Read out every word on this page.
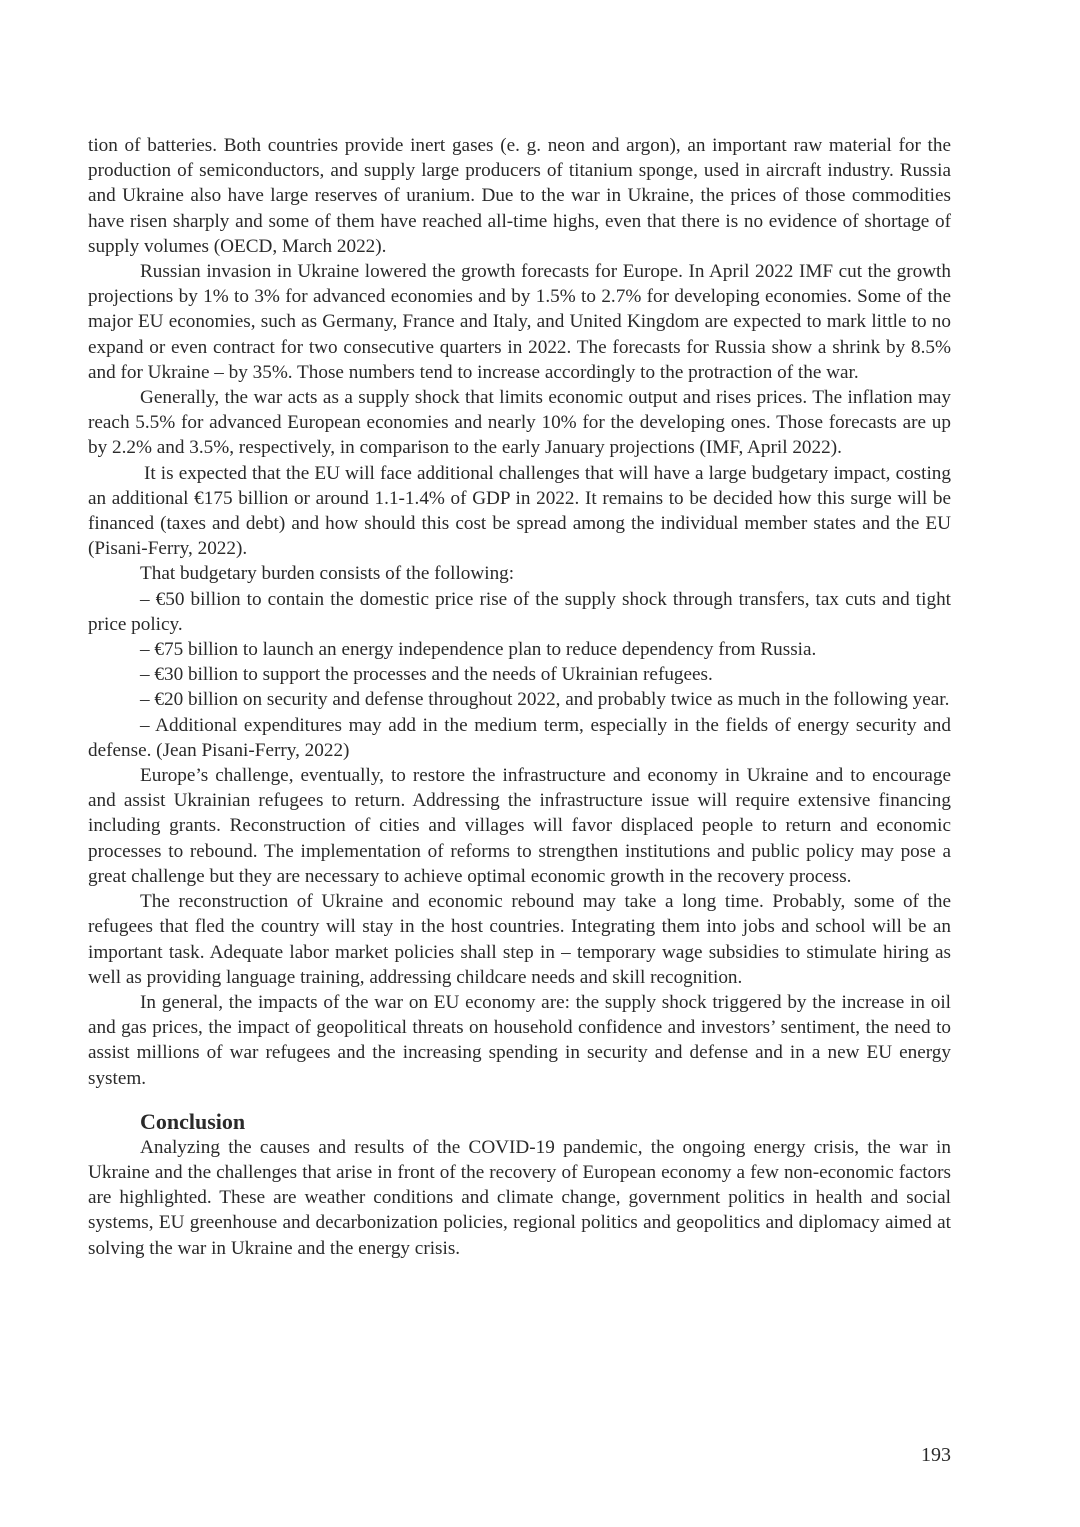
tion of batteries. Both countries provide inert gases (e. g. neon and argon), an important raw material for the production of semiconductors, and supply large producers of titanium sponge, used in aircraft industry. Russia and Ukraine also have large reserves of uranium. Due to the war in Ukraine, the prices of those commodities have risen sharply and some of them have reached all-time highs, even that there is no evidence of shortage of supply volumes (OECD, March 2022).

Russian invasion in Ukraine lowered the growth forecasts for Europe. In April 2022 IMF cut the growth projections by 1% to 3% for advanced economies and by 1.5% to 2.7% for developing economies. Some of the major EU economies, such as Germany, France and Italy, and United Kingdom are expected to mark little to no expand or even contract for two consecutive quarters in 2022. The forecasts for Russia show a shrink by 8.5% and for Ukraine – by 35%. Those numbers tend to increase accordingly to the protraction of the war.

Generally, the war acts as a supply shock that limits economic output and rises prices. The inflation may reach 5.5% for advanced European economies and nearly 10% for the developing ones. Those forecasts are up by 2.2% and 3.5%, respectively, in comparison to the early January projections (IMF, April 2022).

It is expected that the EU will face additional challenges that will have a large budgetary impact, costing an additional €175 billion or around 1.1-1.4% of GDP in 2022. It remains to be decided how this surge will be financed (taxes and debt) and how should this cost be spread among the individual member states and the EU (Pisani-Ferry, 2022).

That budgetary burden consists of the following:

– €50 billion to contain the domestic price rise of the supply shock through transfers, tax cuts and tight price policy.

– €75 billion to launch an energy independence plan to reduce dependency from Russia.

– €30 billion to support the processes and the needs of Ukrainian refugees.

– €20 billion on security and defense throughout 2022, and probably twice as much in the following year.

– Additional expenditures may add in the medium term, especially in the fields of energy security and defense. (Jean Pisani-Ferry, 2022)

Europe’s challenge, eventually, to restore the infrastructure and economy in Ukraine and to encourage and assist Ukrainian refugees to return. Addressing the infrastructure issue will require extensive financing including grants. Reconstruction of cities and villages will favor displaced people to return and economic processes to rebound. The implementation of reforms to strengthen institutions and public policy may pose a great challenge but they are necessary to achieve optimal economic growth in the recovery process.

The reconstruction of Ukraine and economic rebound may take a long time. Probably, some of the refugees that fled the country will stay in the host countries. Integrating them into jobs and school will be an important task. Adequate labor market policies shall step in – temporary wage subsidies to stimulate hiring as well as providing language training, addressing childcare needs and skill recognition.

In general, the impacts of the war on EU economy are: the supply shock triggered by the increase in oil and gas prices, the impact of geopolitical threats on household confidence and investors’ sentiment, the need to assist millions of war refugees and the increasing spending in security and defense and in a new EU energy system.

Conclusion

Analyzing the causes and results of the COVID-19 pandemic, the ongoing energy crisis, the war in Ukraine and the challenges that arise in front of the recovery of European economy a few non-economic factors are highlighted. These are weather conditions and climate change, government politics in health and social systems, EU greenhouse and decarbonization policies, regional politics and geopolitics and diplomacy aimed at solving the war in Ukraine and the energy crisis.

193
